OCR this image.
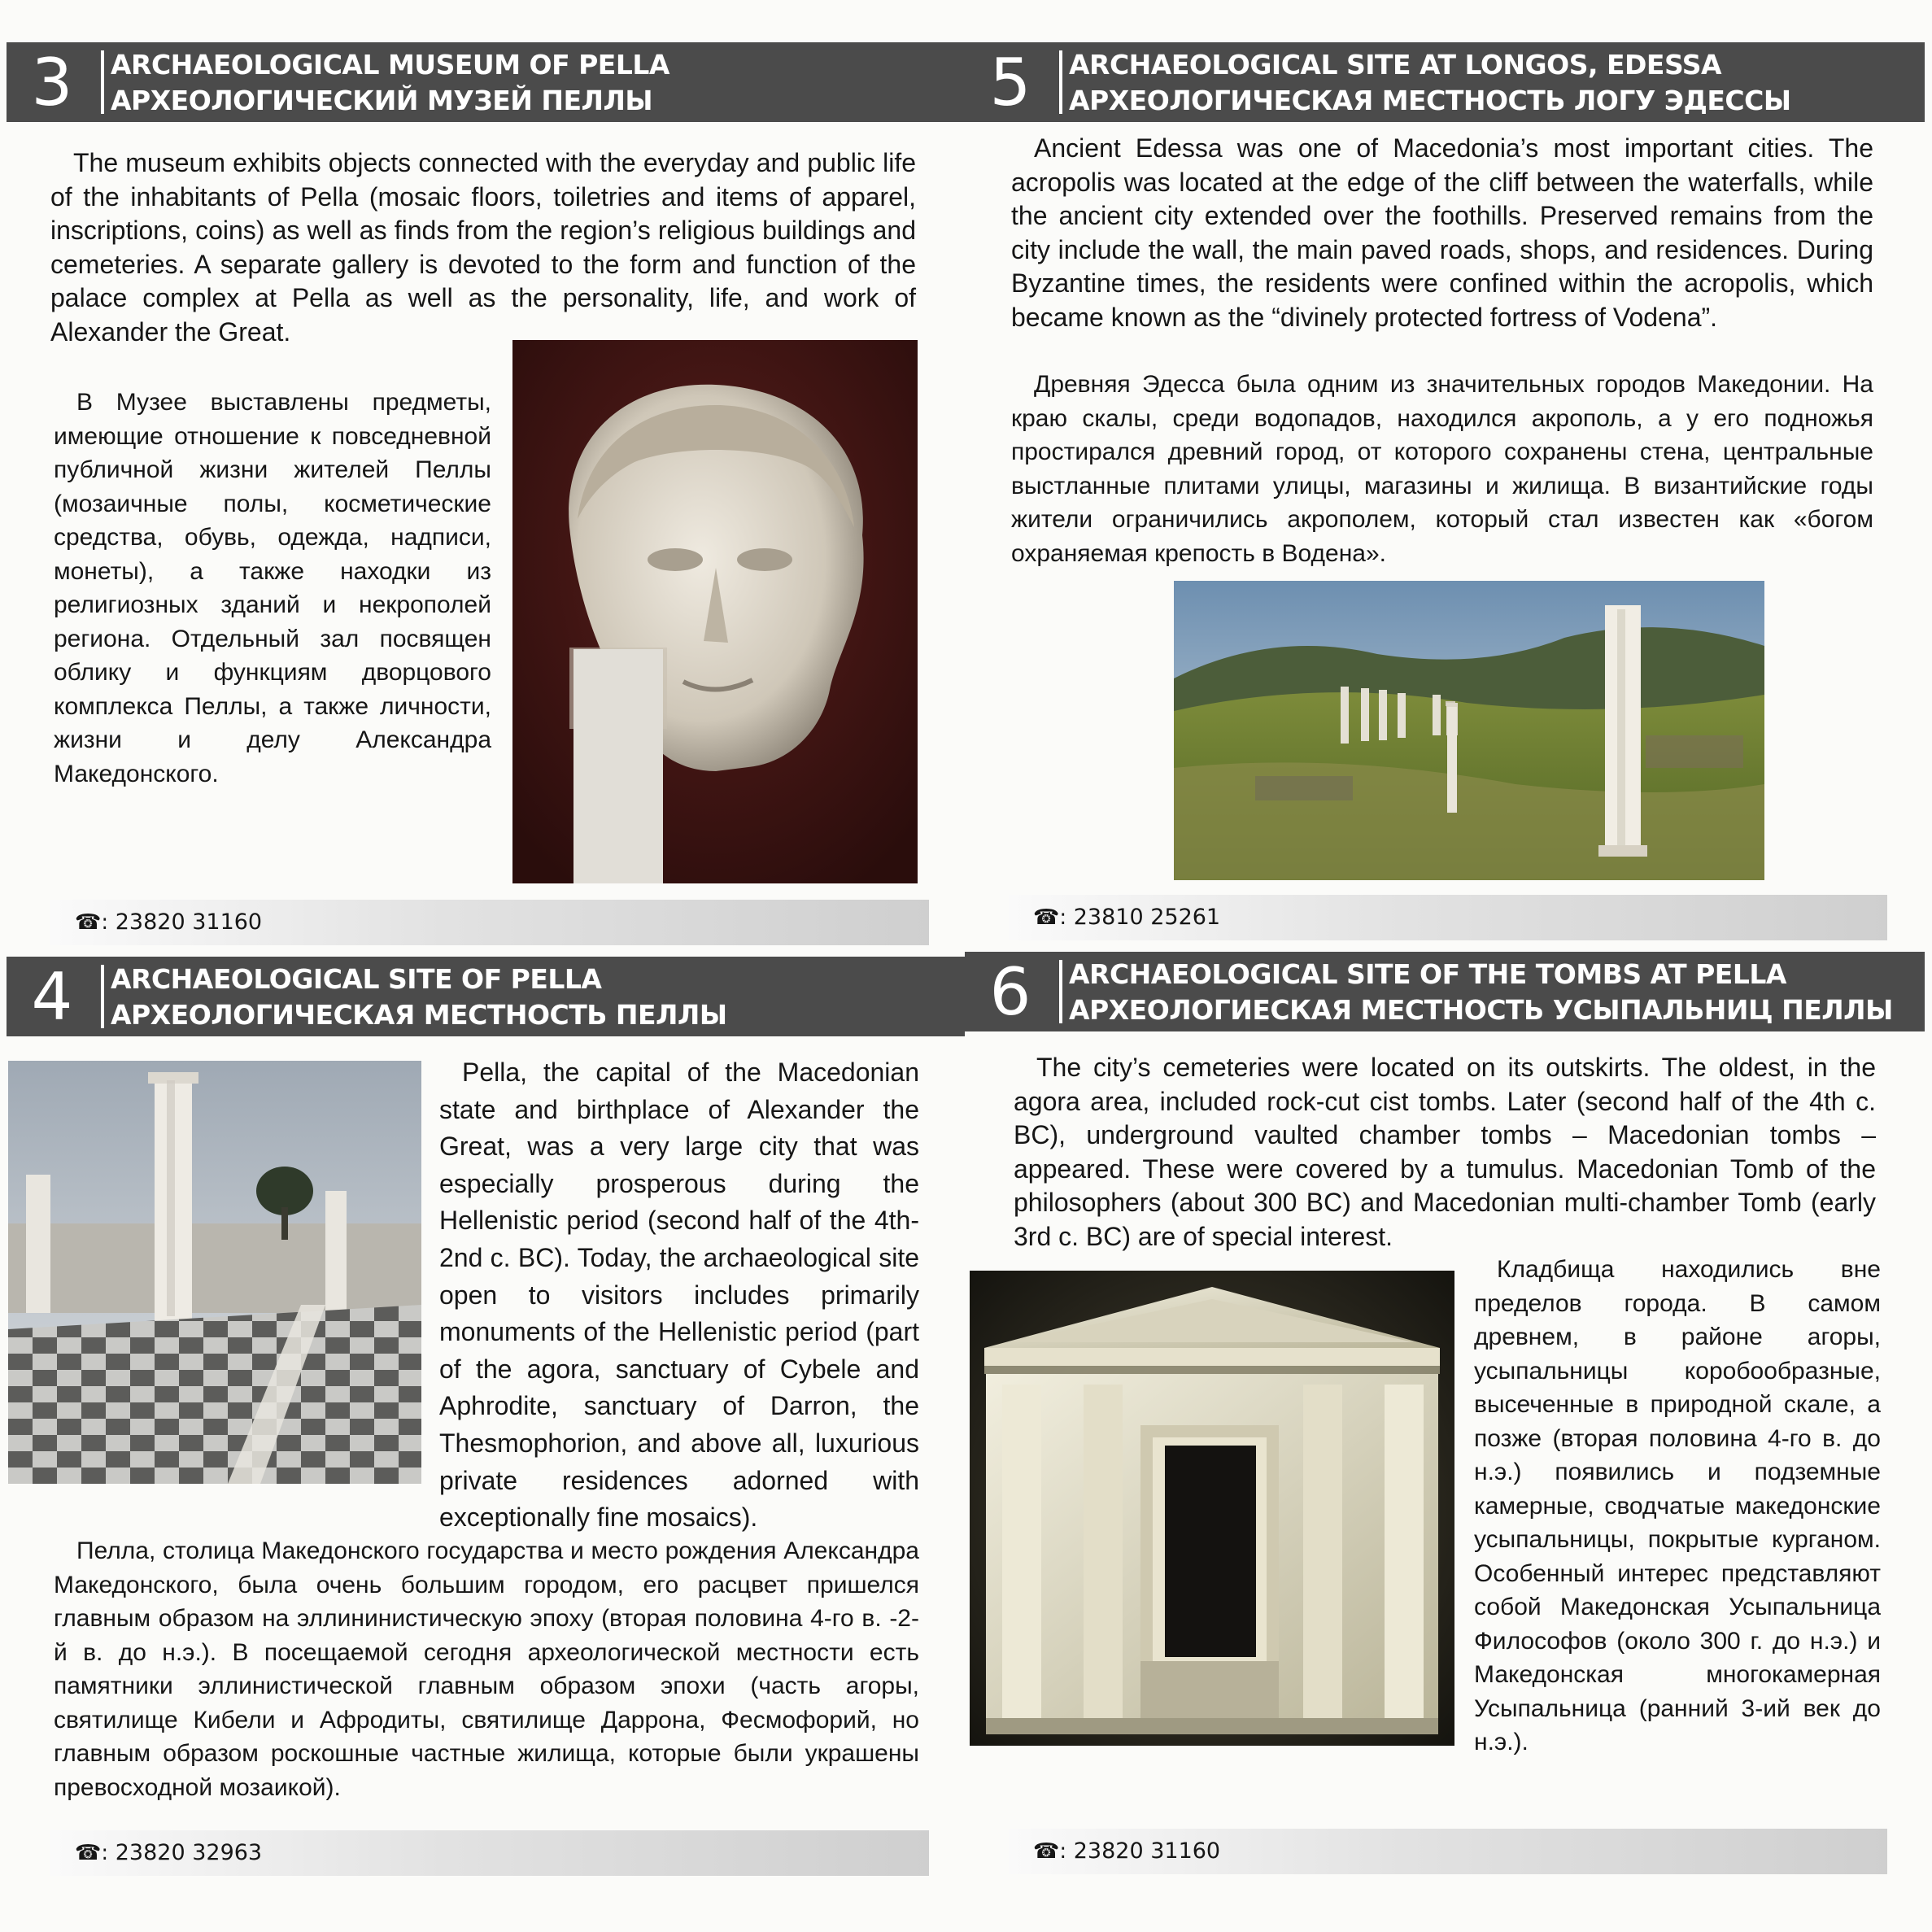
3	ARCHAEOLOGICAL MUSEUM OF PELLA
АРХЕОЛОГИЧЕСКИЙ МУЗЕЙ ПЕЛЛЫ
The museum exhibits objects connected with the everyday and public life of the inhabitants of Pella (mosaic floors, toiletries and items of apparel, inscriptions, coins) as well as finds from the region’s religious buildings and cemeteries. A separate gallery is devoted to the form and function of the palace complex at Pella as well as the personality, life, and work of Alexander the Great.
В Музее выставлены предметы, имеющие отношение к повседневной публичной жизни жителей Пеллы (мозаичные полы, косметические средства, обувь, одежда, надписи, монеты), а также находки из религиозных зданий и некрополей региона. Отдельный зал посвящен облику и функциям дворцового комплекса Пеллы, а также личности, жизни и делу Александра Македонского.
☎: 23820 31160
5	ARCHAEOLOGICAL SITE AT LONGOS, EDESSA
АРХЕОЛОГИЧЕСКАЯ МЕСТНОСТЬ ЛОГУ ЭДЕССЫ
Ancient Edessa was one of Macedonia’s most important cities. The acropolis was located at the edge of the cliff between the waterfalls, while the ancient city extended over the foothills. Preserved remains from the city include the wall, the main paved roads, shops, and residences. During Byzantine times, the residents were confined within the acropolis, which became known as the “divinely protected fortress of Vodena”.
Древняя Эдесса была одним из значительных городов Македонии. На краю скалы, среди водопадов, находился акрополь, а у его подножья простирался древний город, от которого сохранены стена, центральные выстланные плитами улицы, магазины и жилища. В византийские годы жители ограничились акрополем, который стал известен как «богом охраняемая крепость в Водена».
☎: 23810 25261
4	ARCHAEOLOGICAL SITE OF PELLA
АРХЕОЛОГИЧЕСКАЯ МЕСТНОСТЬ ПЕЛЛЫ
Pella, the capital of the Macedonian state and birthplace of Alexander the Great, was a very large city that was especially prosperous during the Hellenistic period (second half of the 4th-2nd c. BC). Today, the archaeological site open to visitors includes primarily monuments of the Hellenistic period (part of the agora, sanctuary of Cybele and Aphrodite, sanctuary of Darron, the Thesmophorion, and above all, luxurious private residences adorned with exceptionally fine mosaics).
Пелла, столица Македонского государства и место рождения Александра Македонского, была очень большим городом, его расцвет пришелся главным образом на эллининистическую эпоху (вторая половина 4-го в. -2-й в. до н.э.). В посещаемой сегодня археологической местности есть памятники эллинистической главным образом эпохи (часть агоры, святилище Кибели и Афродиты, святилище Даррона, Фесмофорий, но главным образом роскошные частные жилища, которые были украшены превосходной мозаикой).
☎: 23820 32963
6	ARCHAEOLOGICAL SITE OF THE TOMBS AT PELLA
АРХЕОЛОГИЕСКАЯ МЕСТНОСТЬ УСЫПАЛЬНИЦ ПЕЛЛЫ
The city’s cemeteries were located on its outskirts. The oldest, in the agora area, included rock-cut cist tombs. Later (second half of the 4th c. BC), underground vaulted chamber tombs – Macedonian tombs – appeared. These were covered by a tumulus. Macedonian Tomb of the philosophers (about 300 BC) and Macedonian multi-chamber Tomb (early 3rd c. BC) are of special interest.
Кладбища находились вне пределов города. В самом древнем, в районе агоры, усыпальницы коробообразные, высеченные в природной скале, а позже (вторая половина 4-го в. до н.э.) появились и подземные камерные, сводчатые македонские усыпальницы, покрытые курганом. Особенный интерес представляют собой Македонская Усыпальница Философов (около 300 г. до н.э.) и Македонская многокамерная Усыпальница (ранний 3-ий век до н.э.).
☎: 23820 31160
